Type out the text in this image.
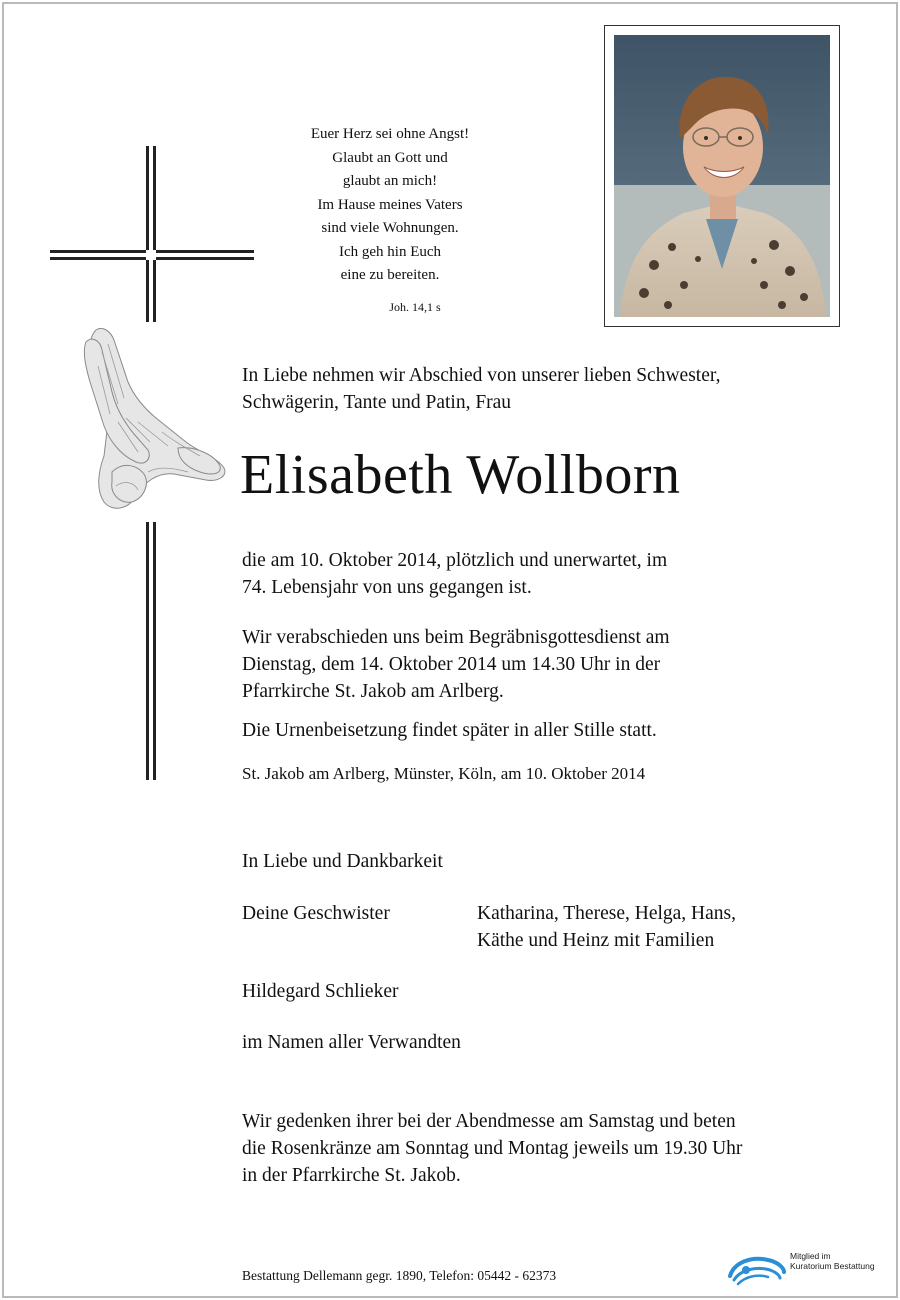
Euer Herz sei ohne Angst!
Glaubt an Gott und
glaubt an mich!
Im Hause meines Vaters
sind viele Wohnungen.
Ich geh hin Euch
eine zu bereiten.
Joh. 14,1 s
In Liebe nehmen wir Abschied von unserer lieben Schwester,
Schwägerin, Tante und Patin, Frau
Elisabeth Wollborn
die am 10. Oktober 2014, plötzlich und unerwartet, im
74. Lebensjahr von uns gegangen ist.
Wir verabschieden uns beim Begräbnisgottesdienst am
Dienstag, dem 14. Oktober 2014 um 14.30 Uhr in der
Pfarrkirche St. Jakob am Arlberg.
Die Urnenbeisetzung findet später in aller Stille statt.
St. Jakob am Arlberg, Münster, Köln, am 10. Oktober 2014
In Liebe und Dankbarkeit
Deine Geschwister	Katharina, Therese, Helga, Hans,
Käthe und Heinz mit Familien
Hildegard Schlieker
im Namen aller Verwandten
Wir gedenken ihrer bei der Abendmesse am Samstag und beten
die Rosenkränze am Sonntag und Montag jeweils um 19.30 Uhr
in der Pfarrkirche St. Jakob.
Bestattung Dellemann gegr. 1890, Telefon: 05442 - 62373
Mitglied im
Kuratorium Bestattung
